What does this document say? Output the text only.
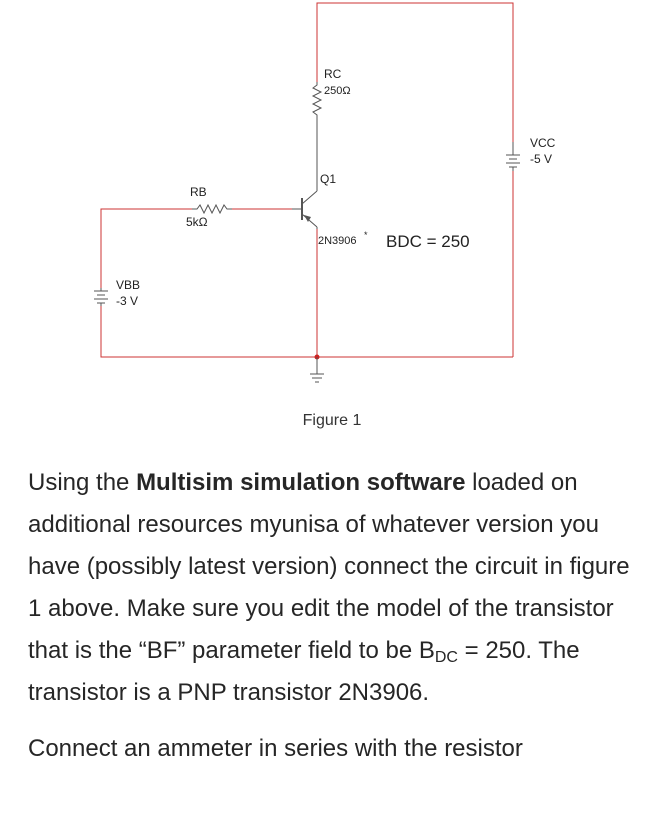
RC
250Ω
VCC
-5 V
Q1
2N3906 * BDC = 250
RB
5kΩ
VBB
-3 V
Figure 1

Using the Multisim simulation software loaded on additional resources myunisa of whatever version you have (possibly latest version) connect the circuit in figure 1 above. Make sure you edit the model of the transistor that is the “BF” parameter field to be $B_{DC} = 250$. The transistor is a PNP transistor 2N3906.

Connect an ammeter in series with the resistor
